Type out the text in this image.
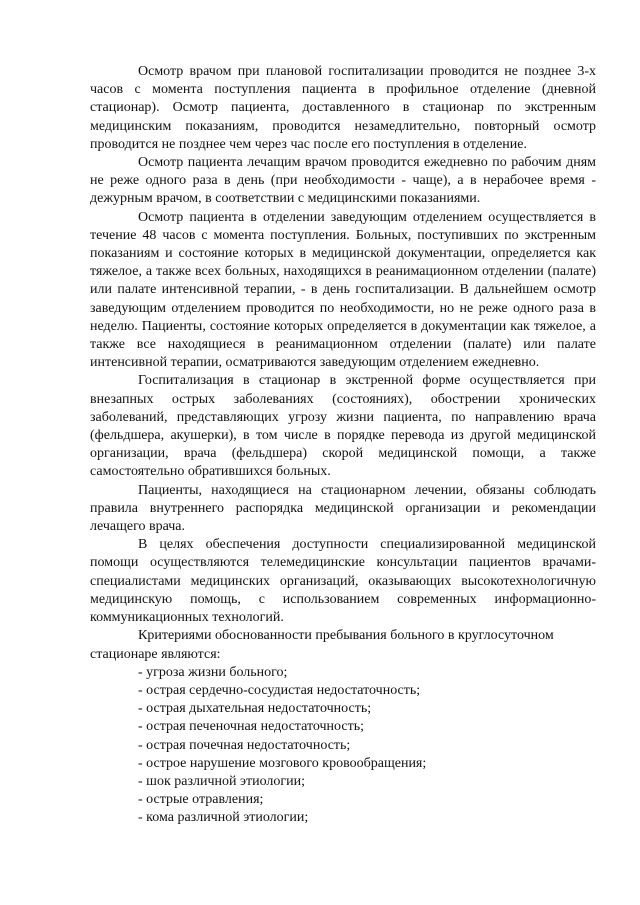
Осмотр врачом при плановой госпитализации проводится не позднее 3-х часов с момента поступления пациента в профильное отделение (дневной стационар). Осмотр пациента, доставленного в стационар по экстренным медицинским показаниям, проводится незамедлительно, повторный осмотр проводится не позднее чем через час после его поступления в отделение.

Осмотр пациента лечащим врачом проводится ежедневно по рабочим дням не реже одного раза в день (при необходимости - чаще), а в нерабочее время - дежурным врачом, в соответствии с медицинскими показаниями.

Осмотр пациента в отделении заведующим отделением осуществляется в течение 48 часов с момента поступления. Больных, поступивших по экстренным показаниям и состояние которых в медицинской документации, определяется как тяжелое, а также всех больных, находящихся в реанимационном отделении (палате) или палате интенсивной терапии, - в день госпитализации. В дальнейшем осмотр заведующим отделением проводится по необходимости, но не реже одного раза в неделю. Пациенты, состояние которых определяется в документации как тяжелое, а также все находящиеся в реанимационном отделении (палате) или палате интенсивной терапии, осматриваются заведующим отделением ежедневно.

Госпитализация в стационар в экстренной форме осуществляется при внезапных острых заболеваниях (состояниях), обострении хронических заболеваний, представляющих угрозу жизни пациента, по направлению врача (фельдшера, акушерки), в том числе в порядке перевода из другой медицинской организации, врача (фельдшера) скорой медицинской помощи, а также самостоятельно обратившихся больных.

Пациенты, находящиеся на стационарном лечении, обязаны соблюдать правила внутреннего распорядка медицинской организации и рекомендации лечащего врача.

В целях обеспечения доступности специализированной медицинской помощи осуществляются телемедицинские консультации пациентов врачами-специалистами медицинских организаций, оказывающих высокотехнологичную медицинскую помощь, с использованием современных информационно-коммуникационных технологий.

Критериями обоснованности пребывания больного в круглосуточном стационаре являются:

- угроза жизни больного;
- острая сердечно-сосудистая недостаточность;
- острая дыхательная недостаточность;
- острая печеночная недостаточность;
- острая почечная недостаточность;
- острое нарушение мозгового кровообращения;
- шок различной этиологии;
- острые отравления;
- кома различной этиологии;
